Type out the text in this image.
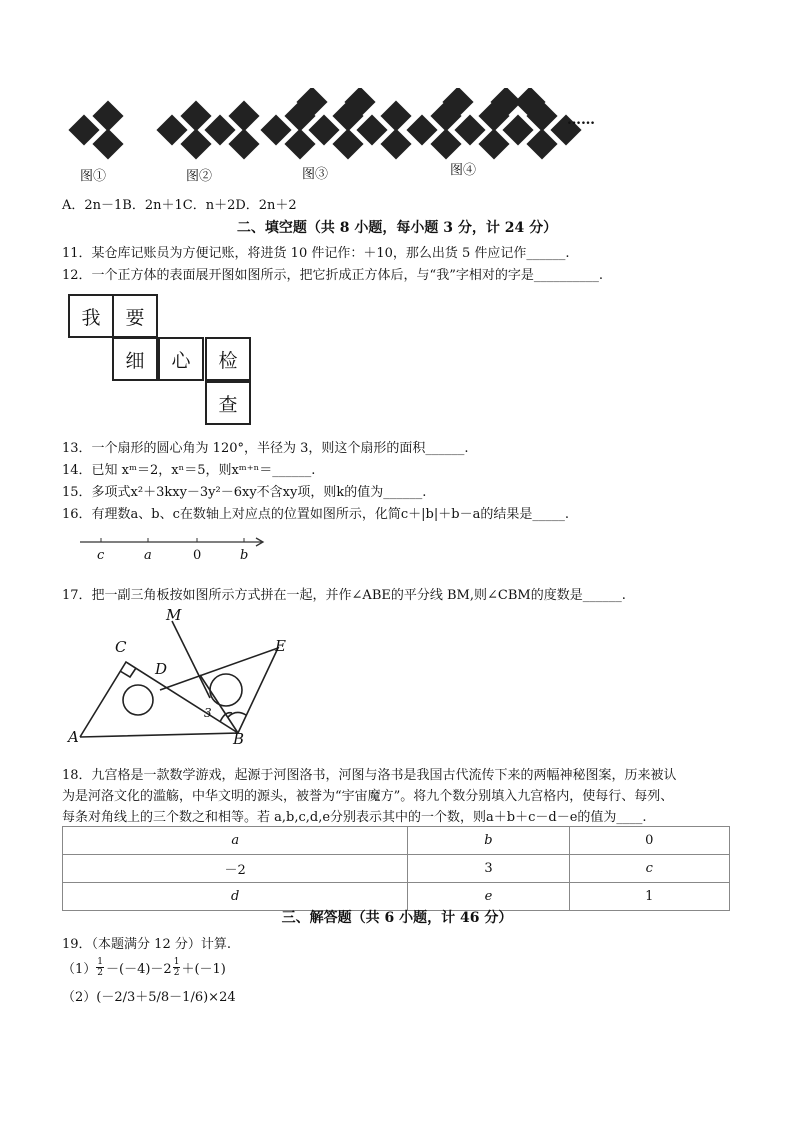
图①	图②	图③	图④
……
A．2n－1B．2n＋1C．n＋2D．2n＋2
二、填空题（共 8 小题，每小题 3 分，计 24 分）
11．某仓库记账员为方便记账，将进货 10 件记作：＋10，那么出货 5 件应记作______.
12．一个正方体的表面展开图如图所示，把它折成正方体后，与“我”字相对的字是__________.
我	要
细	心	检
查
13．一个扇形的圆心角为 120°，半径为 3，则这个扇形的面积______.
14．已知 xᵐ＝2，xⁿ＝5，则xᵐ⁺ⁿ＝______.
15．多项式x²＋3kxy－3y²－6xy不含xy项，则k的值为______.
16．有理数a、b、c在数轴上对应点的位置如图所示，化简c＋|b|＋b－a的结果是_____.
c	a	0	b
17．把一副三角板按如图所示方式拼在一起，并作∠ABE的平分线 BM,则∠CBM的度数是______.
M
C
D
E
A	B
3
18．九宫格是一款数学游戏，起源于河图洛书，河图与洛书是我国古代流传下来的两幅神秘图案，历来被认
为是河洛文化的滥觞，中华文明的源头，被誉为“宇宙魔方”。将九个数分别填入九宫格内，使每行、每列、
每条对角线上的三个数之和相等。若 a,b,c,d,e分别表示其中的一个数，则a＋b＋c－d－e的值为____.
a	b	0
－2	3	c
d	e	1
三、解答题（共 6 小题，计 46 分）
19．（本题满分 12 分）计算.
$(1) \frac{1}{2} -(-4)-2 \frac{1}{2} +(-1)$
（2）(－2/3＋5/8－1/6)×24
